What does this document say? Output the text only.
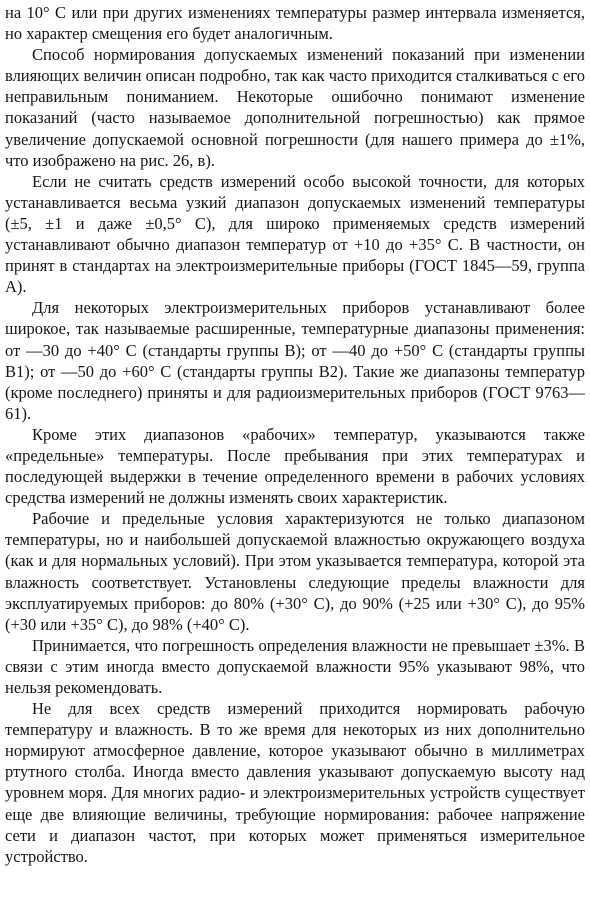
на 10° С или при других изменениях температуры размер интервала изменяется, но характер смещения его будет аналогичным.

Способ нормирования допускаемых изменений показаний при изменении влияющих величин описан подробно, так как часто приходится сталкиваться с его неправильным пониманием. Некоторые ошибочно понимают изменение показаний (часто называемое дополнительной погрешностью) как прямое увеличение допускаемой основной погрешности (для нашего примера до ±1%, что изображено на рис. 26, в).

Если не считать средств измерений особо высокой точности, для которых устанавливается весьма узкий диапазон допускаемых изменений температуры (±5, ±1 и даже ±0,5° С), для широко применяемых средств измерений устанавливают обычно диапазон температур от +10 до +35° С. В частности, он принят в стандартах на электроизмерительные приборы (ГОСТ 1845—59, группа А).

Для некоторых электроизмерительных приборов устанавливают более широкое, так называемые расширенные, температурные диапазоны применения: от —30 до +40° С (стандарты группы В); от —40 до +50° С (стандарты группы В1); от —50 до +60° С (стандарты группы В2). Такие же диапазоны температур (кроме последнего) приняты и для радиоизмерительных приборов (ГОСТ 9763—61).

Кроме этих диапазонов «рабочих» температур, указываются также «предельные» температуры. После пребывания при этих температурах и последующей выдержки в течение определенного времени в рабочих условиях средства измерений не должны изменять своих характеристик.

Рабочие и предельные условия характеризуются не только диапазоном температуры, но и наибольшей допускаемой влажностью окружающего воздуха (как и для нормальных условий). При этом указывается температура, которой эта влажность соответствует. Установлены следующие пределы влажности для эксплуатируемых приборов: до 80% (+30° С), до 90% (+25 или +30° С), до 95% (+30 или +35° С), до 98% (+40° С).

Принимается, что погрешность определения влажности не превышает ±3%. В связи с этим иногда вместо допускаемой влажности 95% указывают 98%, что нельзя рекомендовать.

Не для всех средств измерений приходится нормировать рабочую температуру и влажность. В то же время для некоторых из них дополнительно нормируют атмосферное давление, которое указывают обычно в миллиметрах ртутного столба. Иногда вместо давления указывают допускаемую высоту над уровнем моря. Для многих радио- и электроизмерительных устройств существует еще две влияющие величины, требующие нормирования: рабочее напряжение сети и диапазон частот, при которых может применяться измерительное устройство.
